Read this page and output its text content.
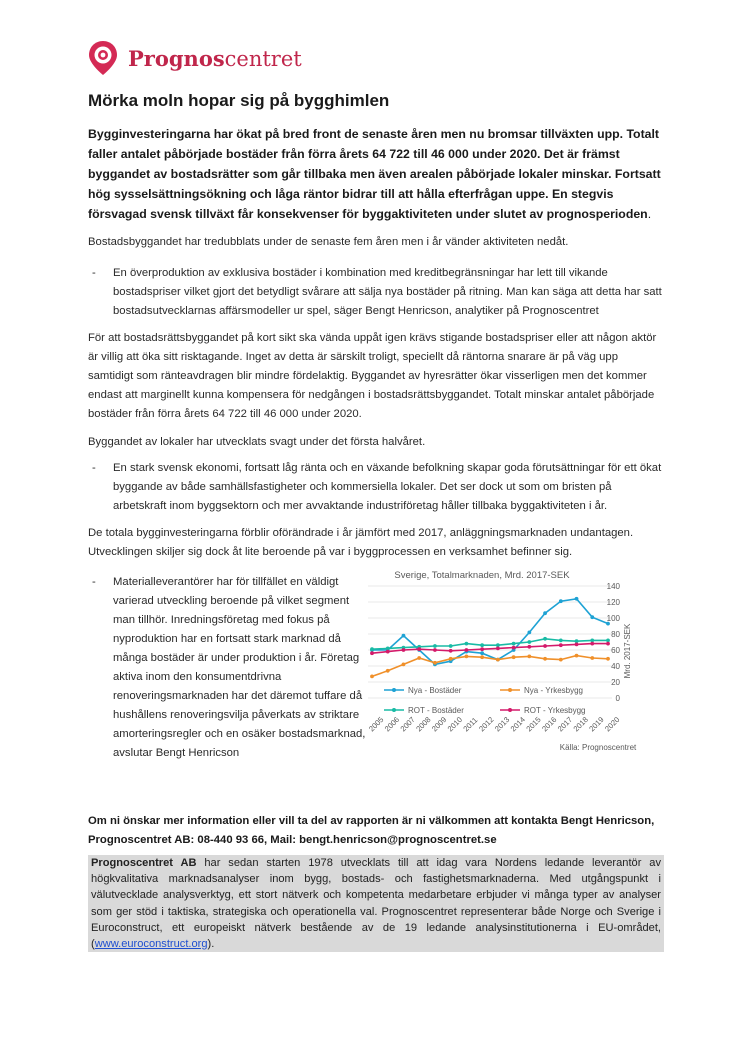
Prognoscentret
Mörka moln hopar sig på bygghimlen

Bygginvesteringarna har ökat på bred front de senaste åren men nu bromsar tillväxten upp. Totalt faller antalet påbörjade bostäder från förra årets 64 722 till 46 000 under 2020. Det är främst byggandet av bostadsrätter som går tillbaka men även arealen påbörjade lokaler minskar. Fortsatt hög sysselsättningsökning och låga räntor bidrar till att hålla efterfrågan uppe. En stegvis försvagad svensk tillväxt får konsekvenser för byggaktiviteten under slutet av prognosperioden.

Bostadsbyggandet har tredubblats under de senaste fem åren men i år vänder aktiviteten nedåt.

- En överproduktion av exklusiva bostäder i kombination med kreditbegränsningar har lett till vikande bostadspriser vilket gjort det betydligt svårare att sälja nya bostäder på ritning. Man kan säga att detta har satt bostadsutvecklarnas affärsmodeller ur spel, säger Bengt Henricson, analytiker på Prognoscentret

För att bostadsrättsbyggandet på kort sikt ska vända uppåt igen krävs stigande bostadspriser eller att någon aktör är villig att öka sitt risktagande. Inget av detta är särskilt troligt, speciellt då räntorna snarare är på väg upp samtidigt som ränteavdragen blir mindre fördelaktig. Byggandet av hyresrätter ökar visserligen men det kommer endast att marginellt kunna kompensera för nedgången i bostadsrättsbyggandet. Totalt minskar antalet påbörjade bostäder från förra årets 64 722 till 46 000 under 2020.

Byggandet av lokaler har utvecklats svagt under det första halvåret.

- En stark svensk ekonomi, fortsatt låg ränta och en växande befolkning skapar goda förutsättningar för ett ökat byggande av både samhällsfastigheter och kommersiella lokaler. Det ser dock ut som om bristen på arbetskraft inom byggsektorn och mer avvaktande industriföretag håller tillbaka byggaktiviteten i år.

De totala bygginvesteringarna förblir oförändrade i år jämfört med 2017, anläggningsmarknaden undantagen. Utvecklingen skiljer sig dock åt lite beroende på var i byggprocessen en verksamhet befinner sig.

- Materialleverantörer har för tillfället en väldigt varierad utveckling beroende på vilket segment man tillhör. Inredningsföretag med fokus på nyproduktion har en fortsatt stark marknad då många bostäder är under produktion i år. Företag aktiva inom den konsumentdrivna renoveringsmarknaden har det däremot tuffare då hushållens renoveringsvilja påverkats av striktare amorteringsregler och en osäker bostadsmarknad, avslutar Bengt Henricson
Sverige, Totalmarknaden, Mrd. 2017-SEK
0
20
40
60
80
100
120
140
2005
2006
2007
2008
2009
2010
2011
2012
2013
2014
2015
2016
2017
2018
2019
2020
Mrd. 2017-SEK
Nya - Bostäder	Nya - Yrkesbygg
ROT - Bostäder	ROT - Yrkesbygg
Källa: Prognoscentret

Om ni önskar mer information eller vill ta del av rapporten är ni välkommen att kontakta Bengt Henricson, Prognoscentret AB: 08-440 93 66, Mail: bengt.henricson@prognoscentret.se

Prognoscentret AB har sedan starten 1978 utvecklats till att idag vara Nordens ledande leverantör av högkvalitativa marknadsanalyser inom bygg, bostads- och fastighetsmarknaderna. Med utgångspunkt i välutvecklade analysverktyg, ett stort nätverk och kompetenta medarbetare erbjuder vi många typer av analyser som ger stöd i taktiska, strategiska och operationella val. Prognoscentret representerar både Norge och Sverige i Euroconstruct, ett europeiskt nätverk bestående av de 19 ledande analysinstitutionerna i EU-området, (www.euroconstruct.org).
